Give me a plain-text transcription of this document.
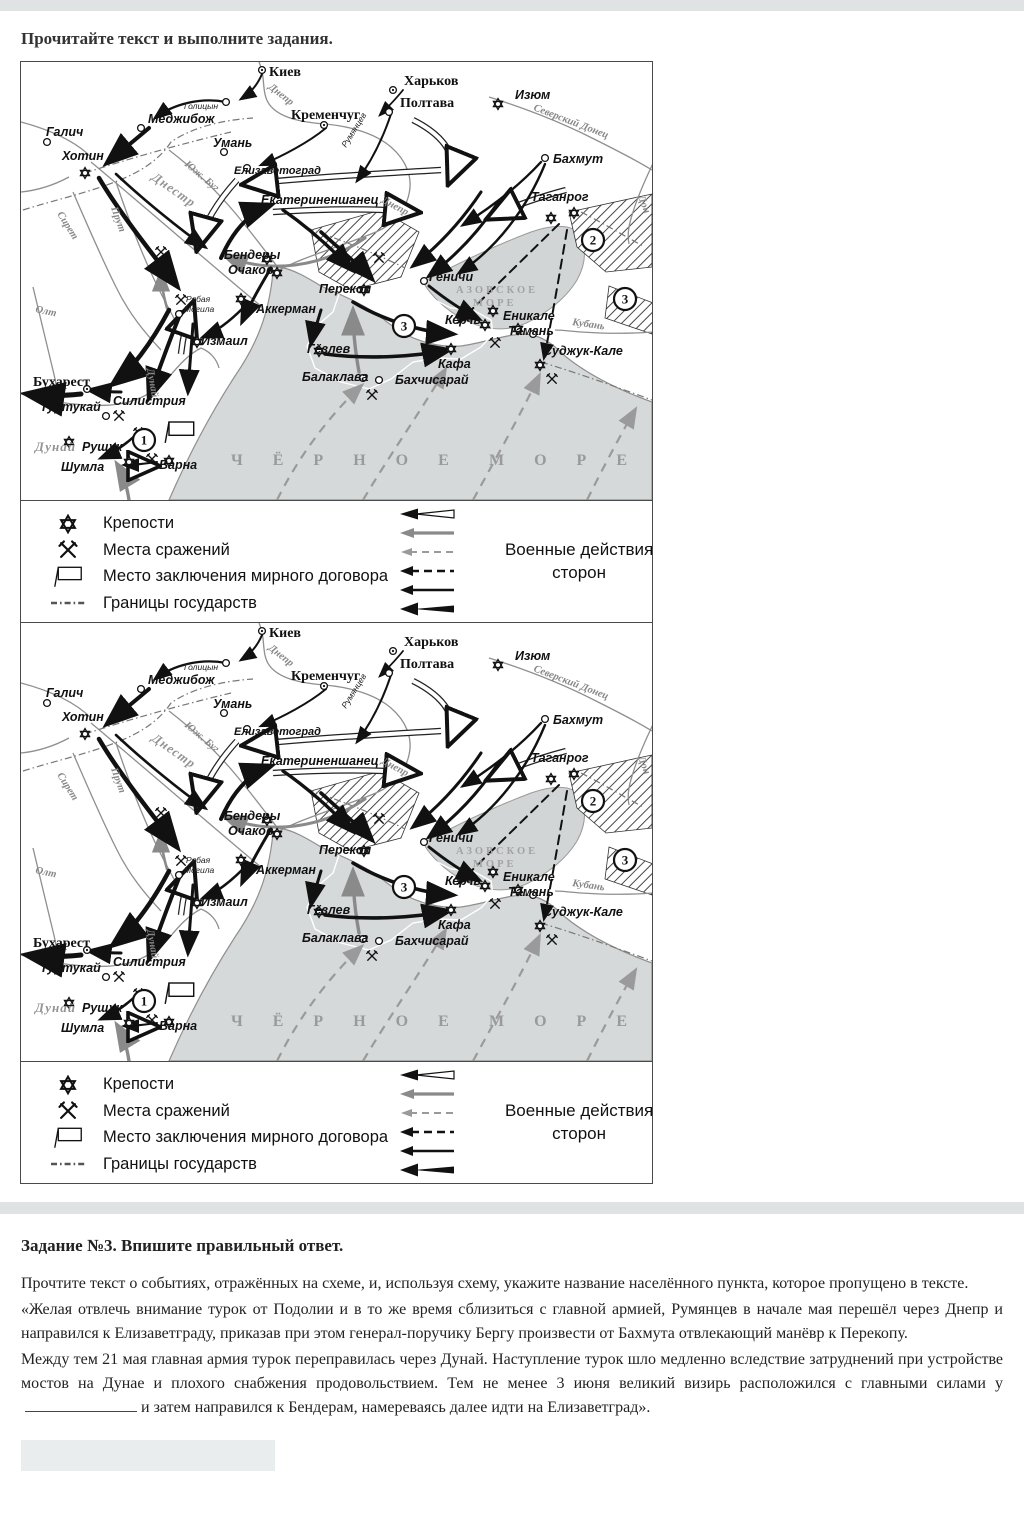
Прочитайте текст и выполните задания.
Крепости
Места сражений
Место заключения мирного договора
Границы государств
Военные действия
сторон
Крепости
Места сражений
Место заключения мирного договора
Границы государств
Военные действия
сторон
Задание №3. Впишите правильный ответ.

Прочтите текст о событиях, отражённых на схеме, и, используя схему, укажите название населённого пункта, которое пропущено в тексте.

«Желая отвлечь внимание турок от Подолии и в то же время сблизиться с главной армией, Румянцев в начале мая перешёл через Днепр и направился к Елизаветграду, приказав при этом генерал-поручику Бергу произвести от Бахмута отвлекающий манёвр к Перекопу.

Между тем 21 мая главная армия турок переправилась через Дунай. Наступление турок шло медленно вследствие затруднений при устройстве мостов на Дунае и плохого снабжения продовольствием. Тем не менее 3 июня великий визирь расположился с главными силами уи затем направился к Бендерам, намереваясь далее идти на Елизаветград».
